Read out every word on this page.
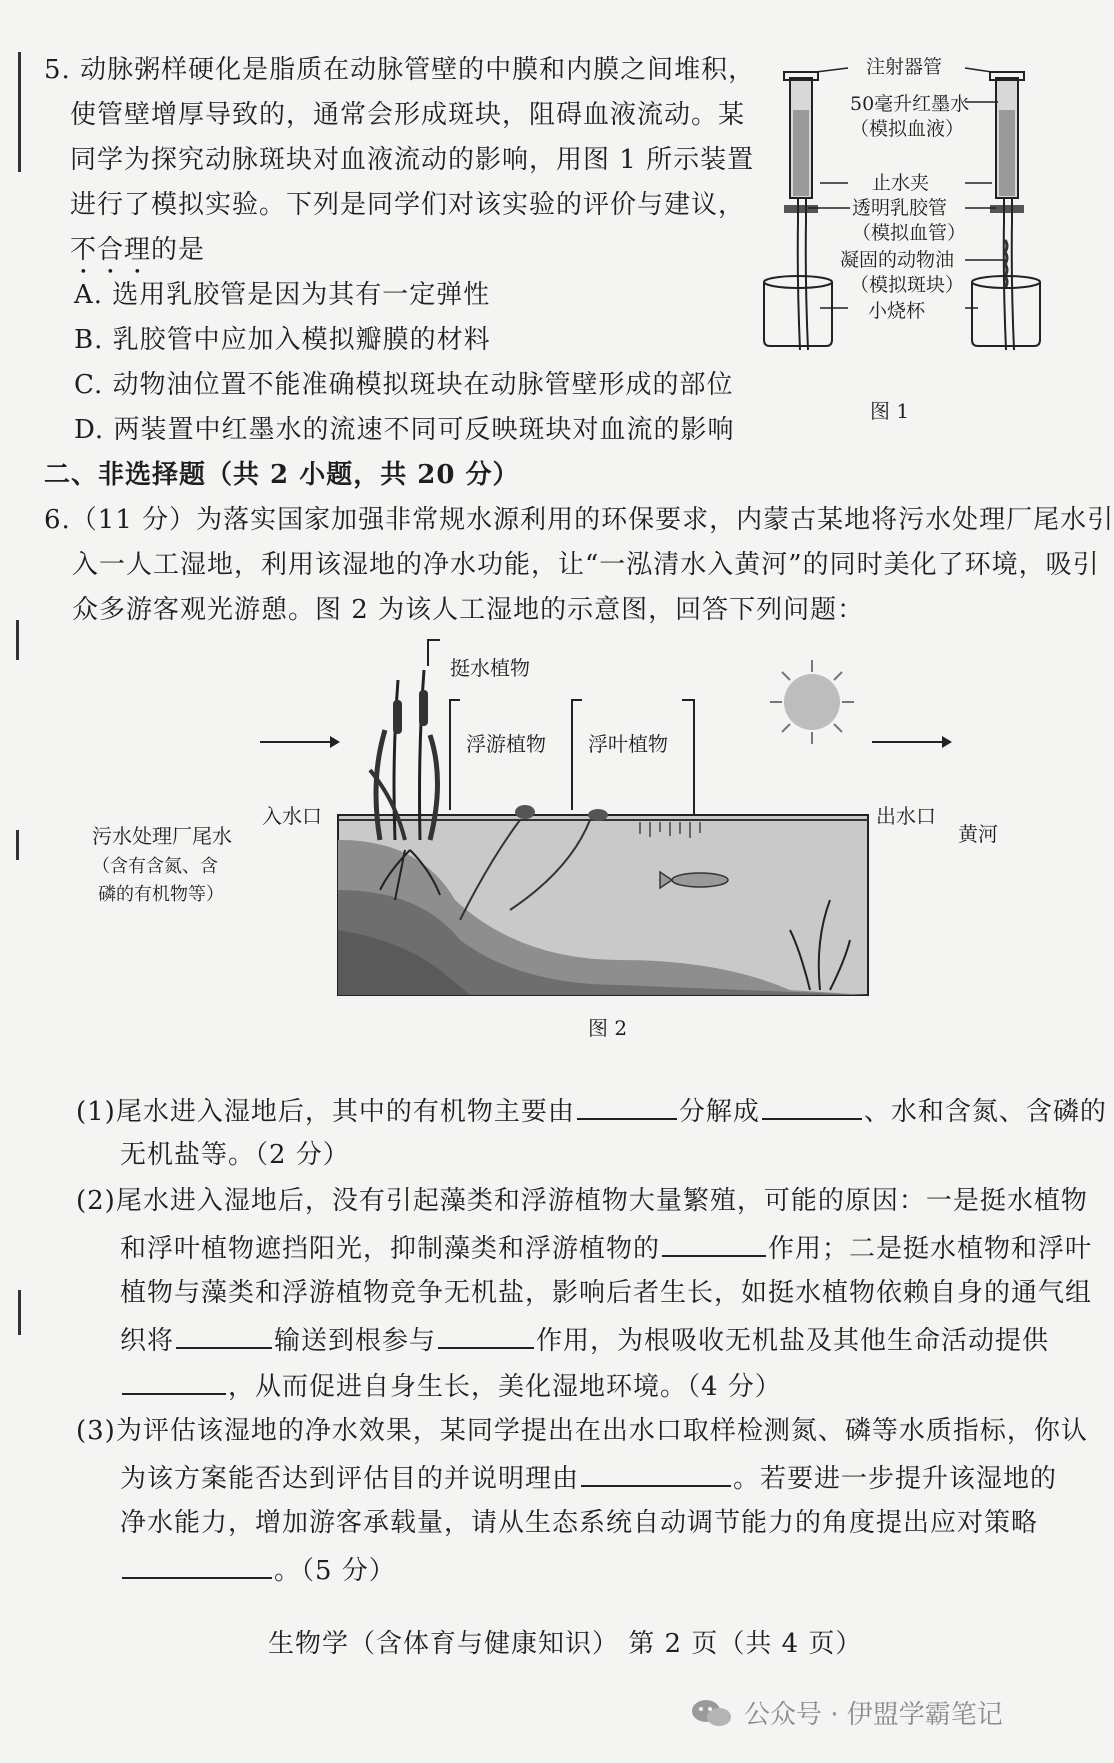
5. 动脉粥样硬化是脂质在动脉管壁的中膜和内膜之间堆积，
使管壁增厚导致的，通常会形成斑块，阻碍血液流动。某
同学为探究动脉斑块对血液流动的影响，用图 1 所示装置
进行了模拟实验。下列是同学们对该实验的评价与建议，
不合理的是
A. 选用乳胶管是因为其有一定弹性
B. 乳胶管中应加入模拟瓣膜的材料
C. 动物油位置不能准确模拟斑块在动脉管壁形成的部位
D. 两装置中红墨水的流速不同可反映斑块对血流的影响
注射器管
50毫升红墨水
（模拟血液）
止水夹
透明乳胶管
（模拟血管）
凝固的动物油
（模拟斑块）
小烧杯
图 1
二、非选择题（共 2 小题，共 20 分）
6.（11 分）为落实国家加强非常规水源利用的环保要求，内蒙古某地将污水处理厂尾水引
入一人工湿地，利用该湿地的净水功能，让“一泓清水入黄河”的同时美化了环境，吸引
众多游客观光游憩。图 2 为该人工湿地的示意图，回答下列问题：
挺水植物
浮游植物 浮叶植物
入水口	出水口
黄河
污水处理厂尾水
（含有含氮、含
磷的有机物等）
图 2
(1)尾水进入湿地后，其中的有机物主要由	分解成	、水和含氮、含磷的
无机盐等。（2 分）
(2)尾水进入湿地后，没有引起藻类和浮游植物大量繁殖，可能的原因：一是挺水植物
和浮叶植物遮挡阳光，抑制藻类和浮游植物的	作用；二是挺水植物和浮叶
植物与藻类和浮游植物竞争无机盐，影响后者生长，如挺水植物依赖自身的通气组
织将	输送到根参与	作用，为根吸收无机盐及其他生命活动提供
，从而促进自身生长，美化湿地环境。（4 分）
(3)为评估该湿地的净水效果，某同学提出在出水口取样检测氮、磷等水质指标，你认
为该方案能否达到评估目的并说明理由	。若要进一步提升该湿地的
净水能力，增加游客承载量，请从生态系统自动调节能力的角度提出应对策略
。（5 分）
生物学（含体育与健康知识） 第 2 页（共 4 页）
公众号 · 伊盟学霸笔记
